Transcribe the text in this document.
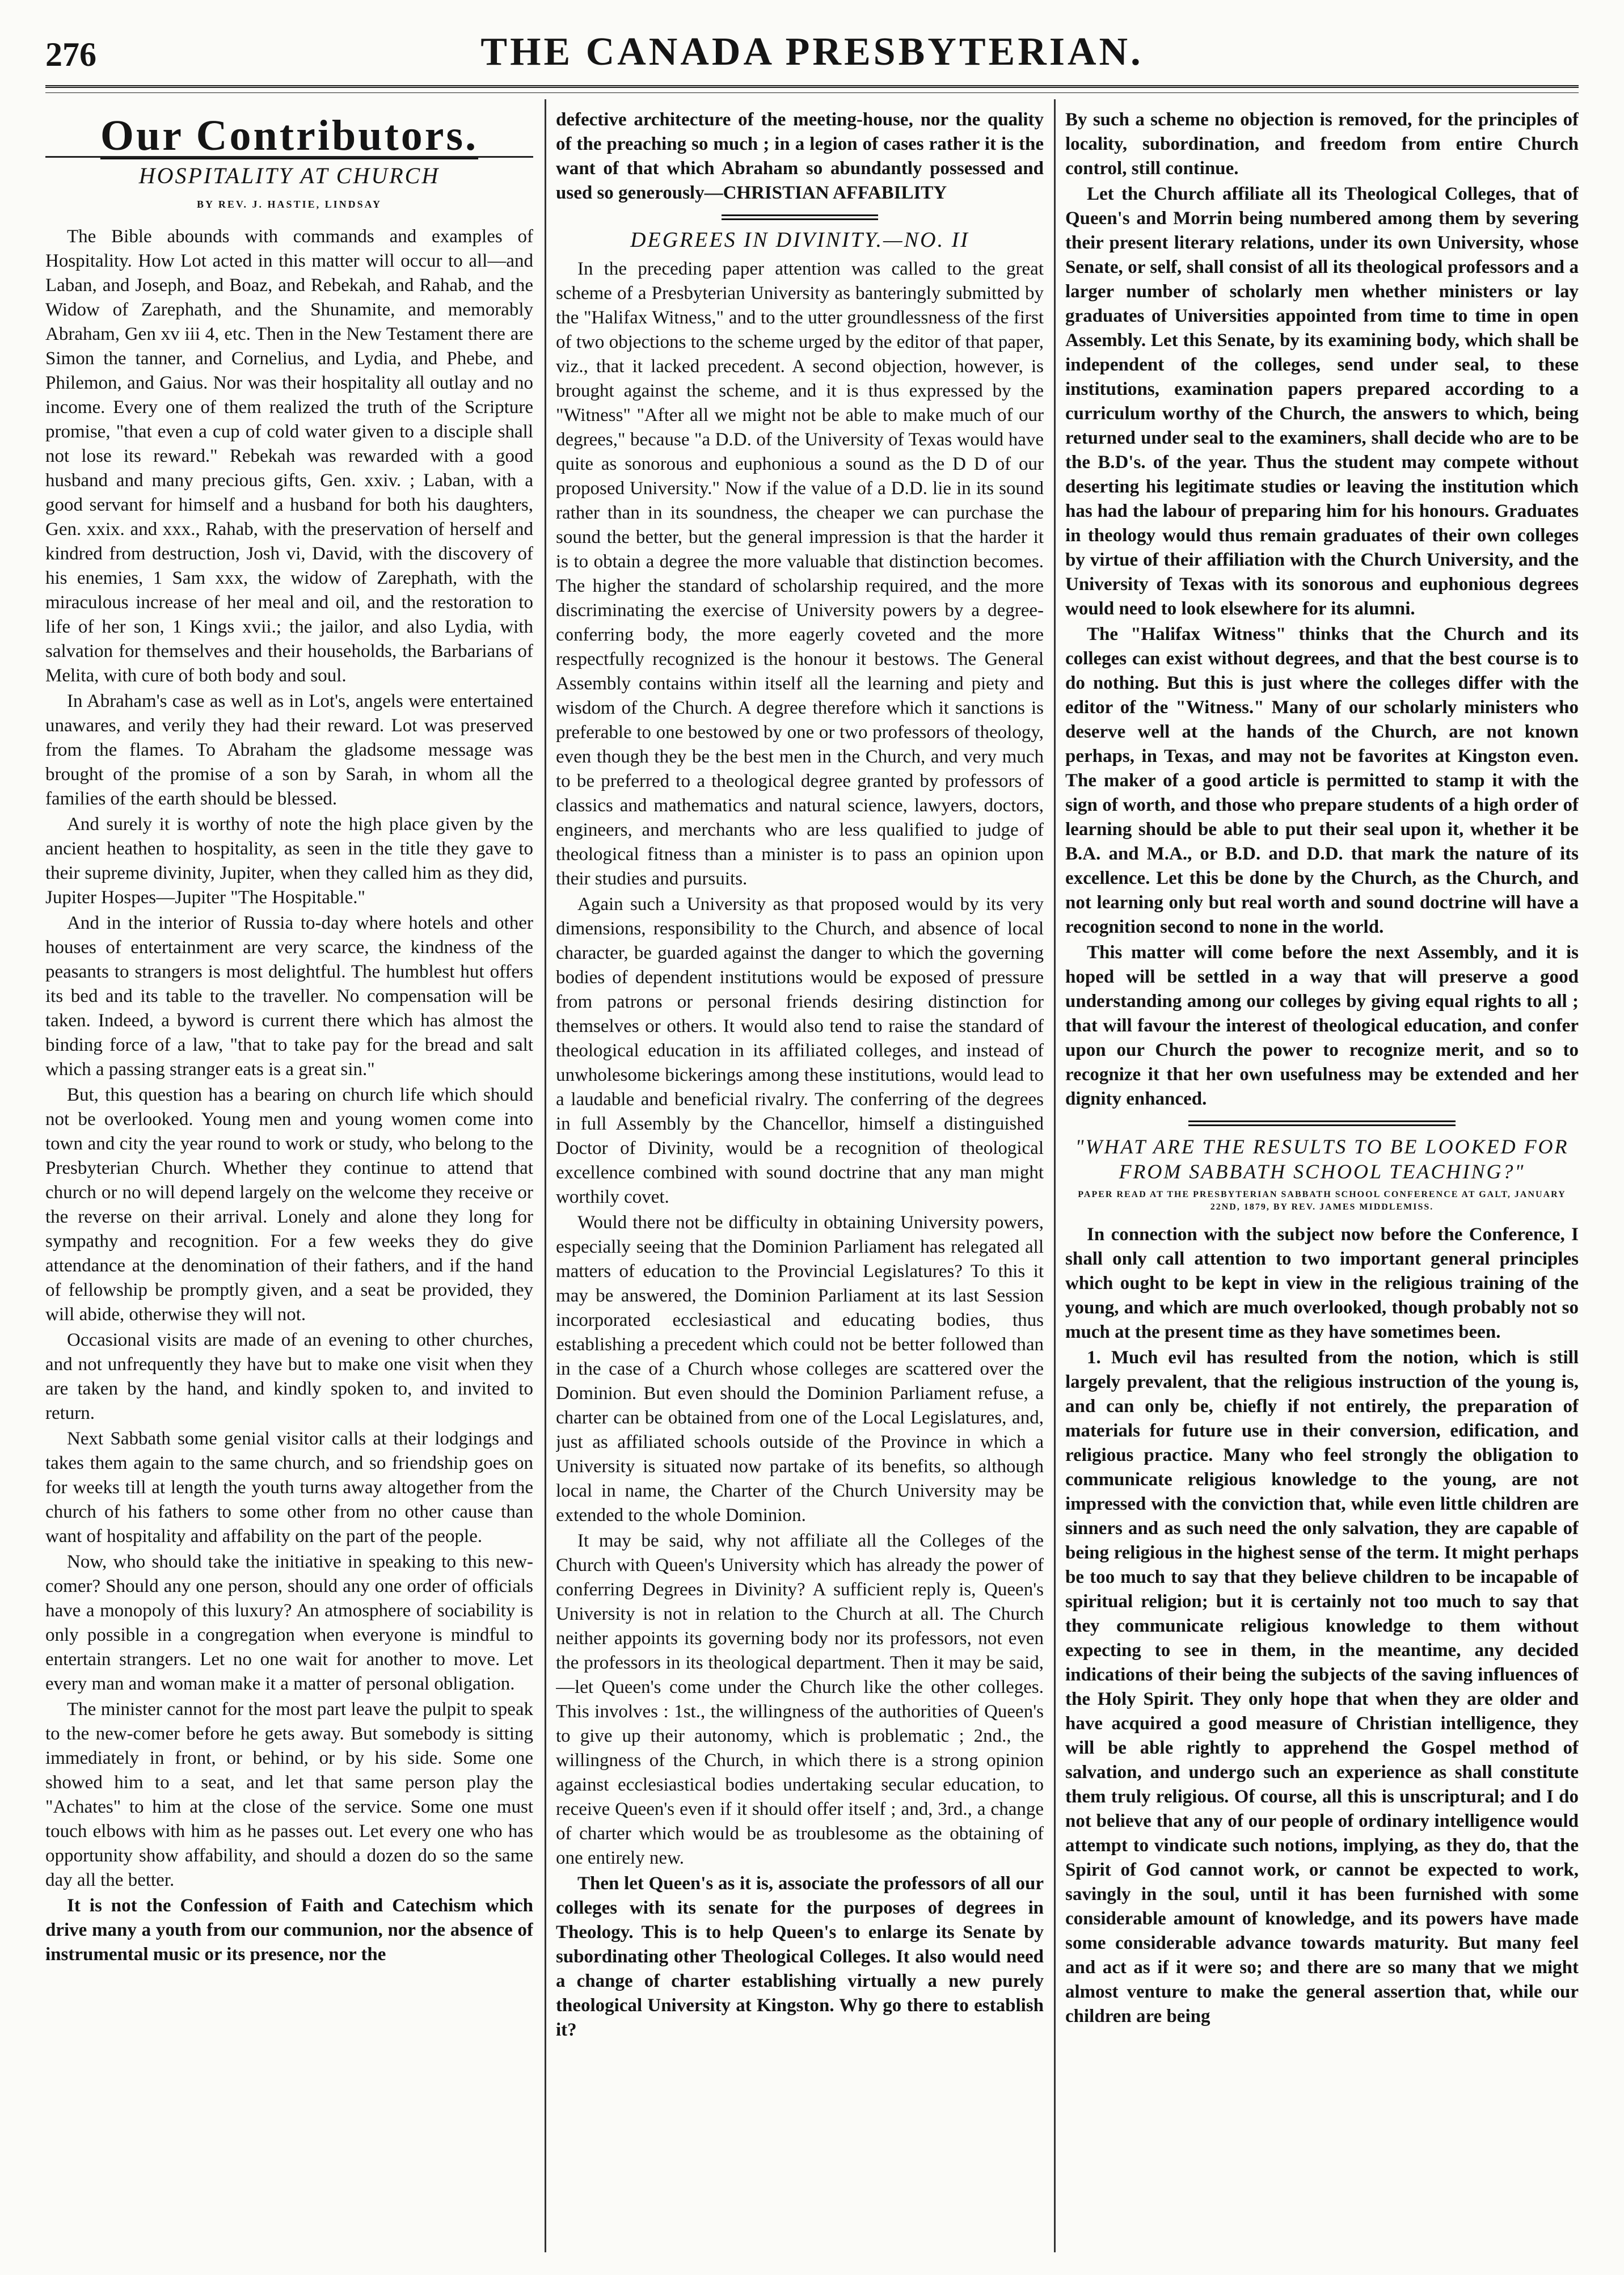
276	THE CANADA PRESBYTERIAN.
Our Contributors.
HOSPITALITY AT CHURCH
BY REV. J. HASTIE, LINDSAY

The Bible abounds with commands and examples of Hospitality. How Lot acted in this matter will occur to all—and Laban, and Joseph, and Boaz, and Rebekah, and Rahab, and the Widow of Zarephath, and the Shunamite, and memorably Abraham, Gen xv iii 4, etc. Then in the New Testament there are Simon the tanner, and Cornelius, and Lydia, and Phebe, and Philemon, and Gaius. Nor was their hospitality all outlay and no income. Every one of them realized the truth of the Scripture promise, "that even a cup of cold water given to a disciple shall not lose its reward." Rebekah was rewarded with a good husband and many precious gifts, Gen. xxiv. ; Laban, with a good servant for himself and a husband for both his daughters, Gen. xxix. and xxx., Rahab, with the preservation of herself and kindred from destruction, Josh vi, David, with the discovery of his enemies, 1 Sam xxx, the widow of Zarephath, with the miraculous increase of her meal and oil, and the restoration to life of her son, 1 Kings xvii.; the jailor, and also Lydia, with salvation for themselves and their households, the Barbarians of Melita, with cure of both body and soul.

In Abraham's case as well as in Lot's, angels were entertained unawares, and verily they had their reward. Lot was preserved from the flames. To Abraham the gladsome message was brought of the promise of a son by Sarah, in whom all the families of the earth should be blessed.

And surely it is worthy of note the high place given by the ancient heathen to hospitality, as seen in the title they gave to their supreme divinity, Jupiter, when they called him as they did, Jupiter Hospes—Jupiter "The Hospitable."

And in the interior of Russia to-day where hotels and other houses of entertainment are very scarce, the kindness of the peasants to strangers is most delightful. The humblest hut offers its bed and its table to the traveller. No compensation will be taken. Indeed, a byword is current there which has almost the binding force of a law, "that to take pay for the bread and salt which a passing stranger eats is a great sin."

But, this question has a bearing on church life which should not be overlooked. Young men and young women come into town and city the year round to work or study, who belong to the Presbyterian Church. Whether they continue to attend that church or no will depend largely on the welcome they receive or the reverse on their arrival. Lonely and alone they long for sympathy and recognition. For a few weeks they do give attendance at the denomination of their fathers, and if the hand of fellowship be promptly given, and a seat be provided, they will abide, otherwise they will not.

Occasional visits are made of an evening to other churches, and not unfrequently they have but to make one visit when they are taken by the hand, and kindly spoken to, and invited to return.

Next Sabbath some genial visitor calls at their lodgings and takes them again to the same church, and so friendship goes on for weeks till at length the youth turns away altogether from the church of his fathers to some other from no other cause than want of hospitality and affability on the part of the people.

Now, who should take the initiative in speaking to this new-comer? Should any one person, should any one order of officials have a monopoly of this luxury? An atmosphere of sociability is only possible in a congregation when everyone is mindful to entertain strangers. Let no one wait for another to move. Let every man and woman make it a matter of personal obligation.

The minister cannot for the most part leave the pulpit to speak to the new-comer before he gets away. But somebody is sitting immediately in front, or behind, or by his side. Some one showed him to a seat, and let that same person play the "Achates" to him at the close of the service. Some one must touch elbows with him as he passes out. Let every one who has opportunity show affability, and should a dozen do so the same day all the better.

It is not the Confession of Faith and Catechism which drive many a youth from our communion, nor the absence of instrumental music or its presence, nor the

defective architecture of the meeting-house, nor the quality of the preaching so much ; in a legion of cases rather it is the want of that which Abraham so abundantly possessed and used so generously—CHRISTIAN AFFABILITY

DEGREES IN DIVINITY.—NO. II

In the preceding paper attention was called to the great scheme of a Presbyterian University as banteringly submitted by the "Halifax Witness," and to the utter groundlessness of the first of two objections to the scheme urged by the editor of that paper, viz., that it lacked precedent. A second objection, however, is brought against the scheme, and it is thus expressed by the "Witness" "After all we might not be able to make much of our degrees," because "a D.D. of the University of Texas would have quite as sonorous and euphonious a sound as the D D of our proposed University." Now if the value of a D.D. lie in its sound rather than in its soundness, the cheaper we can purchase the sound the better, but the general impression is that the harder it is to obtain a degree the more valuable that distinction becomes. The higher the standard of scholarship required, and the more discriminating the exercise of University powers by a degree-conferring body, the more eagerly coveted and the more respectfully recognized is the honour it bestows. The General Assembly contains within itself all the learning and piety and wisdom of the Church. A degree therefore which it sanctions is preferable to one bestowed by one or two professors of theology, even though they be the best men in the Church, and very much to be preferred to a theological degree granted by professors of classics and mathematics and natural science, lawyers, doctors, engineers, and merchants who are less qualified to judge of theological fitness than a minister is to pass an opinion upon their studies and pursuits.

Again such a University as that proposed would by its very dimensions, responsibility to the Church, and absence of local character, be guarded against the danger to which the governing bodies of dependent institutions would be exposed of pressure from patrons or personal friends desiring distinction for themselves or others. It would also tend to raise the standard of theological education in its affiliated colleges, and instead of unwholesome bickerings among these institutions, would lead to a laudable and beneficial rivalry. The conferring of the degrees in full Assembly by the Chancellor, himself a distinguished Doctor of Divinity, would be a recognition of theological excellence combined with sound doctrine that any man might worthily covet.

Would there not be difficulty in obtaining University powers, especially seeing that the Dominion Parliament has relegated all matters of education to the Provincial Legislatures? To this it may be answered, the Dominion Parliament at its last Session incorporated ecclesiastical and educating bodies, thus establishing a precedent which could not be better followed than in the case of a Church whose colleges are scattered over the Dominion. But even should the Dominion Parliament refuse, a charter can be obtained from one of the Local Legislatures, and, just as affiliated schools outside of the Province in which a University is situated now partake of its benefits, so although local in name, the Charter of the Church University may be extended to the whole Dominion.

It may be said, why not affiliate all the Colleges of the Church with Queen's University which has already the power of conferring Degrees in Divinity? A sufficient reply is, Queen's University is not in relation to the Church at all. The Church neither appoints its governing body nor its professors, not even the professors in its theological department. Then it may be said,—let Queen's come under the Church like the other colleges. This involves : 1st., the willingness of the authorities of Queen's to give up their autonomy, which is problematic ; 2nd., the willingness of the Church, in which there is a strong opinion against ecclesiastical bodies undertaking secular education, to receive Queen's even if it should offer itself ; and, 3rd., a change of charter which would be as troublesome as the obtaining of one entirely new.

Then let Queen's as it is, associate the professors of all our colleges with its senate for the purposes of degrees in Theology. This is to help Queen's to enlarge its Senate by subordinating other Theological Colleges. It also would need a change of charter establishing virtually a new purely theological University at Kingston. Why go there to establish it?

By such a scheme no objection is removed, for the principles of locality, subordination, and freedom from entire Church control, still continue.

Let the Church affiliate all its Theological Colleges, that of Queen's and Morrin being numbered among them by severing their present literary relations, under its own University, whose Senate, or self, shall consist of all its theological professors and a larger number of scholarly men whether ministers or lay graduates of Universities appointed from time to time in open Assembly. Let this Senate, by its examining body, which shall be independent of the colleges, send under seal, to these institutions, examination papers prepared according to a curriculum worthy of the Church, the answers to which, being returned under seal to the examiners, shall decide who are to be the B.D's. of the year. Thus the student may compete without deserting his legitimate studies or leaving the institution which has had the labour of preparing him for his honours. Graduates in theology would thus remain graduates of their own colleges by virtue of their affiliation with the Church University, and the University of Texas with its sonorous and euphonious degrees would need to look elsewhere for its alumni.

The "Halifax Witness" thinks that the Church and its colleges can exist without degrees, and that the best course is to do nothing. But this is just where the colleges differ with the editor of the "Witness." Many of our scholarly ministers who deserve well at the hands of the Church, are not known perhaps, in Texas, and may not be favorites at Kingston even. The maker of a good article is permitted to stamp it with the sign of worth, and those who prepare students of a high order of learning should be able to put their seal upon it, whether it be B.A. and M.A., or B.D. and D.D. that mark the nature of its excellence. Let this be done by the Church, as the Church, and not learning only but real worth and sound doctrine will have a recognition second to none in the world.

This matter will come before the next Assembly, and it is hoped will be settled in a way that will preserve a good understanding among our colleges by giving equal rights to all ; that will favour the interest of theological education, and confer upon our Church the power to recognize merit, and so to recognize it that her own usefulness may be extended and her dignity enhanced.

"WHAT ARE THE RESULTS TO BE LOOKED FOR FROM SABBATH SCHOOL TEACHING?"
PAPER READ AT THE PRESBYTERIAN SABBATH SCHOOL CONFERENCE AT GALT, JANUARY 22ND, 1879, BY REV. JAMES MIDDLEMISS.

In connection with the subject now before the Conference, I shall only call attention to two important general principles which ought to be kept in view in the religious training of the young, and which are much overlooked, though probably not so much at the present time as they have sometimes been.

1. Much evil has resulted from the notion, which is still largely prevalent, that the religious instruction of the young is, and can only be, chiefly if not entirely, the preparation of materials for future use in their conversion, edification, and religious practice. Many who feel strongly the obligation to communicate religious knowledge to the young, are not impressed with the conviction that, while even little children are sinners and as such need the only salvation, they are capable of being religious in the highest sense of the term. It might perhaps be too much to say that they believe children to be incapable of spiritual religion; but it is certainly not too much to say that they communicate religious knowledge to them without expecting to see in them, in the meantime, any decided indications of their being the subjects of the saving influences of the Holy Spirit. They only hope that when they are older and have acquired a good measure of Christian intelligence, they will be able rightly to apprehend the Gospel method of salvation, and undergo such an experience as shall constitute them truly religious. Of course, all this is unscriptural; and I do not believe that any of our people of ordinary intelligence would attempt to vindicate such notions, implying, as they do, that the Spirit of God cannot work, or cannot be expected to work, savingly in the soul, until it has been furnished with some considerable amount of knowledge, and its powers have made some considerable advance towards maturity. But many feel and act as if it were so; and there are so many that we might almost venture to make the general assertion that, while our children are being
